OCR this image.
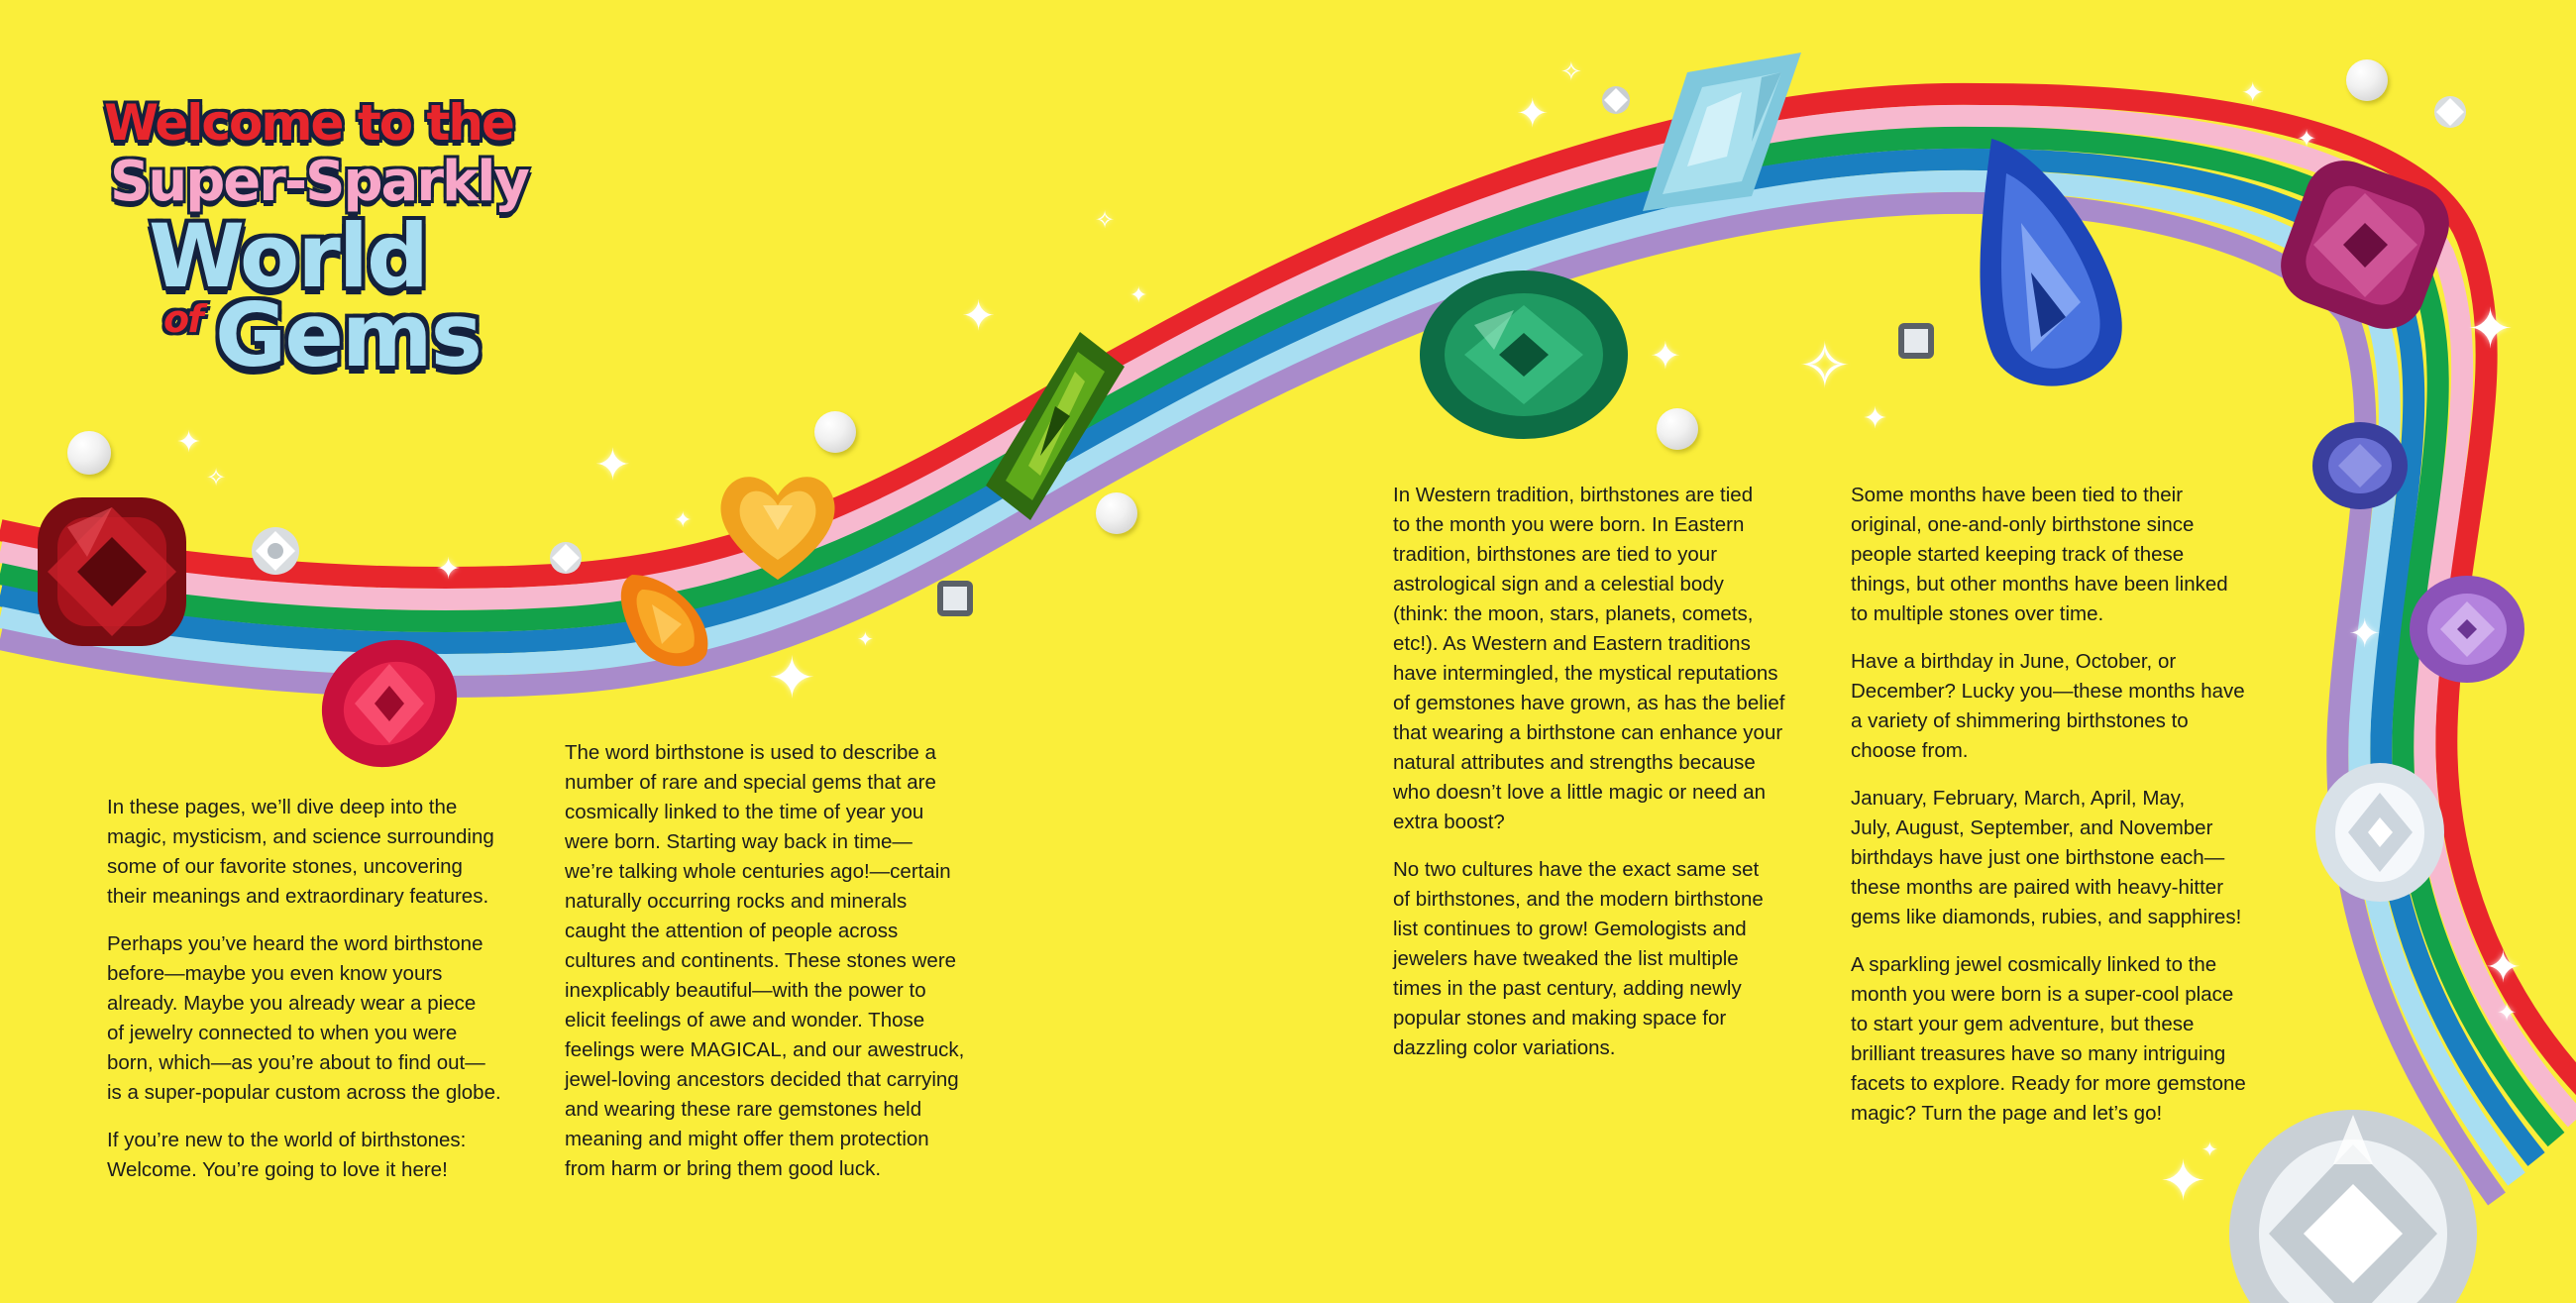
Welcome to the
Super-Sparkly
World
of Gems
✦
✧	✦
✦
✦
✦
✦
✧
✦
✦
✦
✧
✦ ✧
✦
✦
✦
✦
✦
✦
✦
✦
✦

In these pages, we’ll dive deep into the
magic, mysticism, and science surrounding
some of our favorite stones, uncovering
their meanings and extraordinary features.

Perhaps you’ve heard the word birthstone
before—maybe you even know yours
already. Maybe you already wear a piece
of jewelry connected to when you were
born, which—as you’re about to find out—
is a super-popular custom across the globe.

If you’re new to the world of birthstones:
Welcome. You’re going to love it here!

The word birthstone is used to describe a
number of rare and special gems that are
cosmically linked to the time of year you
were born. Starting way back in time—
we’re talking whole centuries ago!—certain
naturally occurring rocks and minerals
caught the attention of people across
cultures and continents. These stones were
inexplicably beautiful—with the power to
elicit feelings of awe and wonder. Those
feelings were MAGICAL, and our awestruck,
jewel-loving ancestors decided that carrying
and wearing these rare gemstones held
meaning and might offer them protection
from harm or bring them good luck.

In Western tradition, birthstones are tied
to the month you were born. In Eastern
tradition, birthstones are tied to your
astrological sign and a celestial body
(think: the moon, stars, planets, comets,
etc!). As Western and Eastern traditions
have intermingled, the mystical reputations
of gemstones have grown, as has the belief
that wearing a birthstone can enhance your
natural attributes and strengths because
who doesn’t love a little magic or need an
extra boost?

No two cultures have the exact same set
of birthstones, and the modern birthstone
list continues to grow! Gemologists and
jewelers have tweaked the list multiple
times in the past century, adding newly
popular stones and making space for
dazzling color variations.

Some months have been tied to their
original, one-and-only birthstone since
people started keeping track of these
things, but other months have been linked
to multiple stones over time.

Have a birthday in June, October, or
December? Lucky you—these months have
a variety of shimmering birthstones to
choose from.

January, February, March, April, May,
July, August, September, and November
birthdays have just one birthstone each—
these months are paired with heavy-hitter
gems like diamonds, rubies, and sapphires!

A sparkling jewel cosmically linked to the
month you were born is a super-cool place
to start your gem adventure, but these
brilliant treasures have so many intriguing
facets to explore. Ready for more gemstone
magic? Turn the page and let’s go!
